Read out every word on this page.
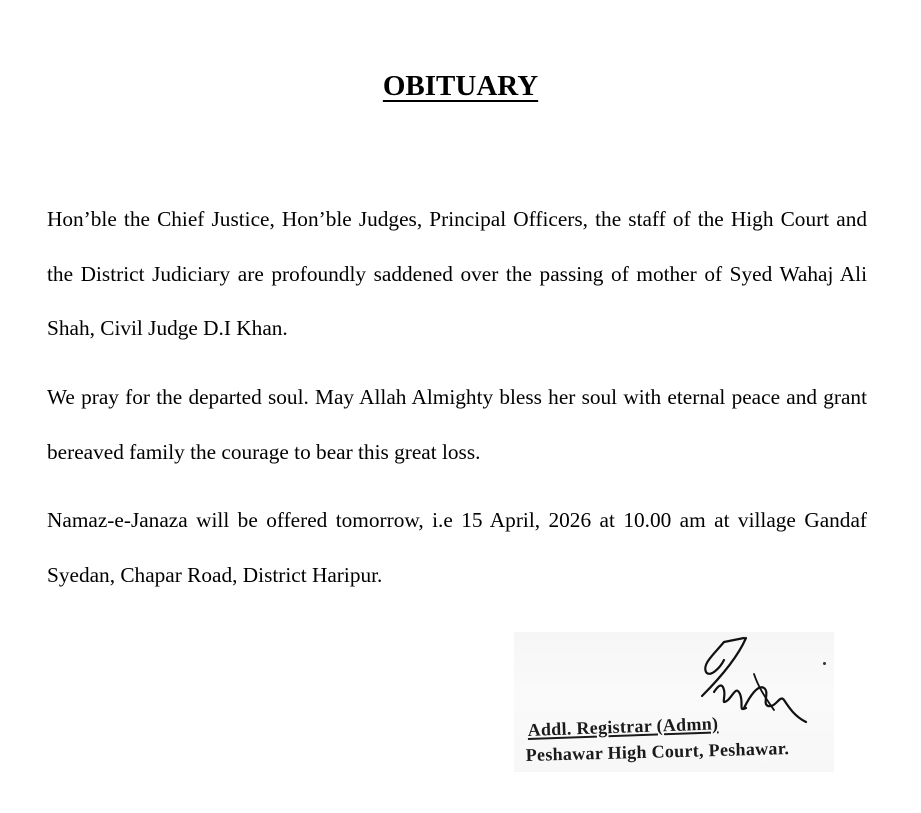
OBITUARY

Hon’ble the Chief Justice, Hon’ble Judges, Principal Officers, the staff of the High Court and the District Judiciary are profoundly saddened over the passing of mother of Syed Wahaj Ali Shah, Civil Judge D.I Khan.

We pray for the departed soul. May Allah Almighty bless her soul with eternal peace and grant  bereaved family the courage to bear this great loss.

Namaz-e-Janaza will be offered tomorrow, i.e 15 April, 2026 at 10.00 am at village Gandaf Syedan, Chapar Road, District Haripur.

Addl. Registrar (Admn)
Peshawar High Court, Peshawar.
